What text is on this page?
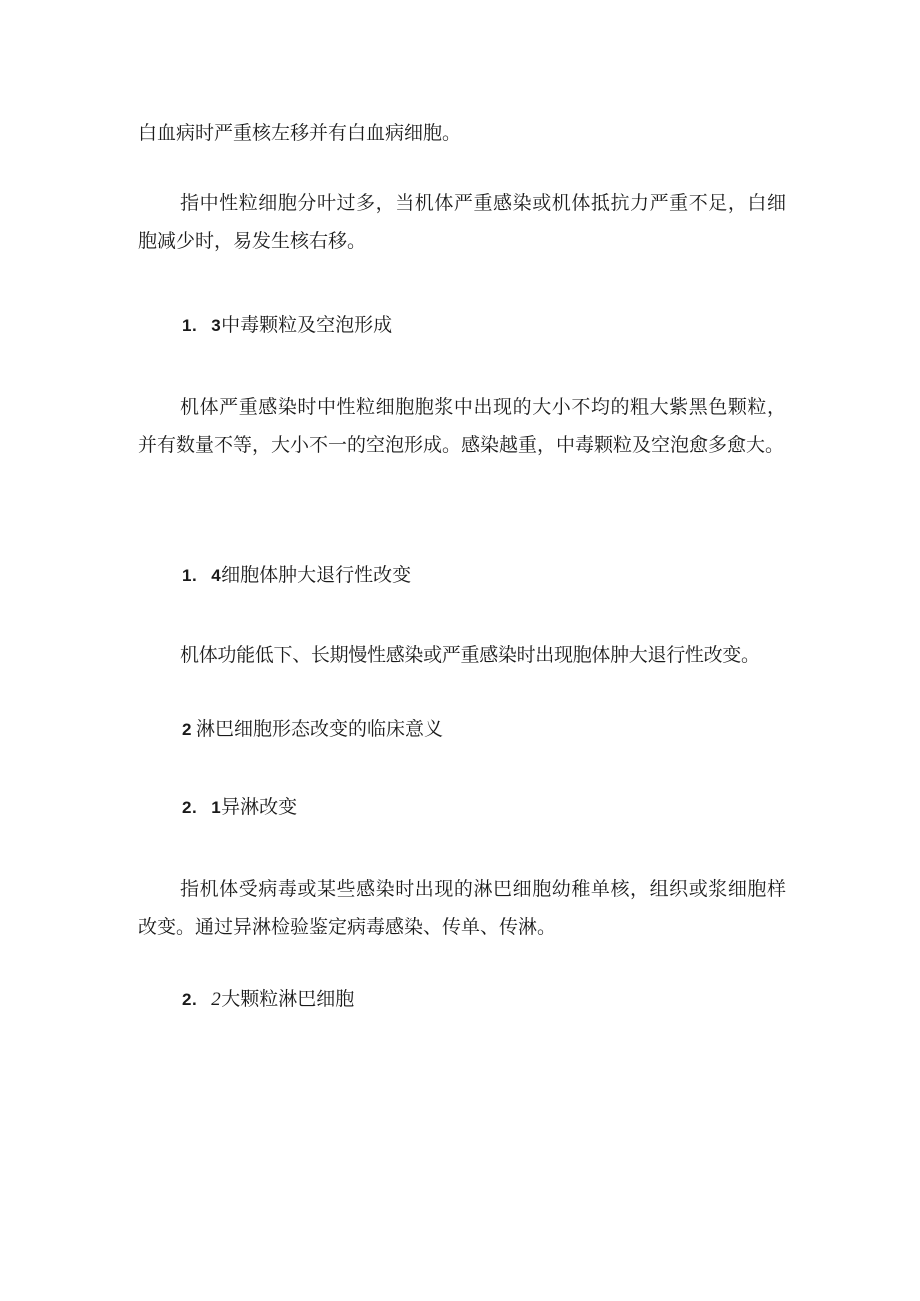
白血病时严重核左移并有白血病细胞。

指中性粒细胞分叶过多，当机体严重感染或机体抵抗力严重不足，白细胞减少时，易发生核右移。

1. 3中毒颗粒及空泡形成

机体严重感染时中性粒细胞胞浆中出现的大小不均的粗大紫黑色颗粒，并有数量不等，大小不一的空泡形成。感染越重，中毒颗粒及空泡愈多愈大。

1. 4细胞体肿大退行性改变

机体功能低下、长期慢性感染或严重感染时出现胞体肿大退行性改变。

2 淋巴细胞形态改变的临床意义

2. 1异淋改变

指机体受病毒或某些感染时出现的淋巴细胞幼稚单核，组织或浆细胞样改变。通过异淋检验鉴定病毒感染、传单、传淋。

2. 2大颗粒淋巴细胞
